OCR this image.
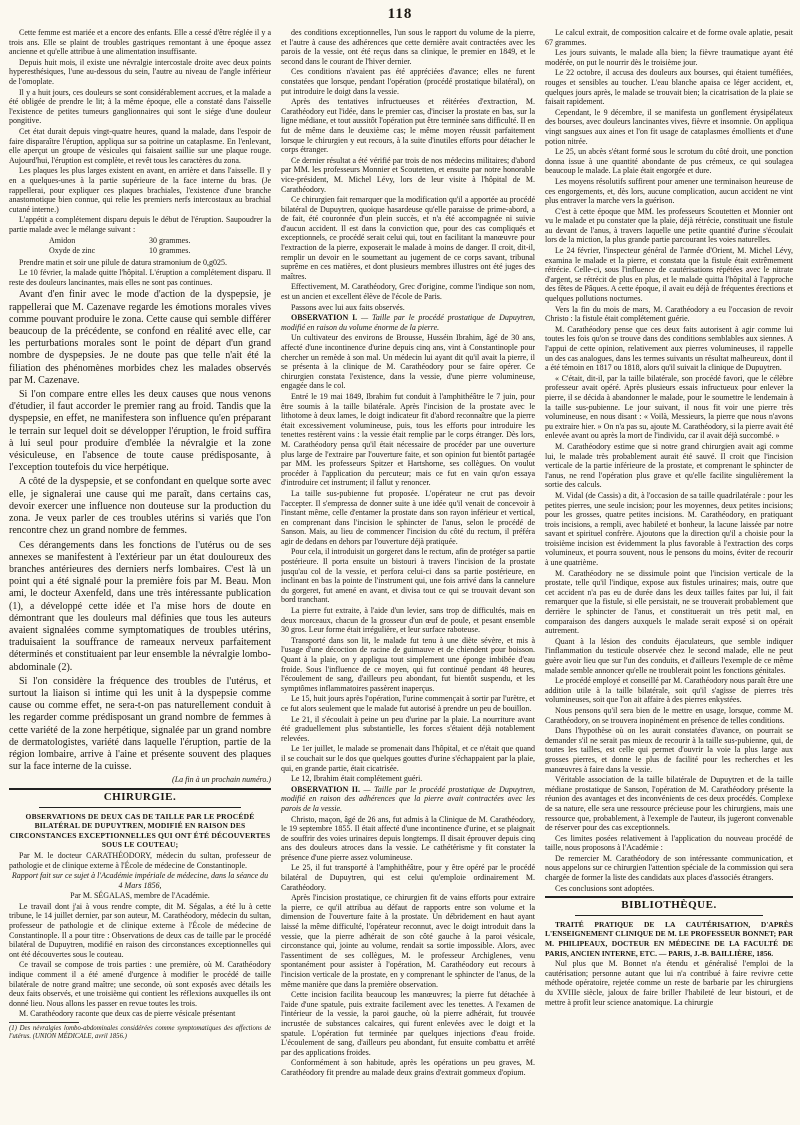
118

Cette femme est mariée et a encore des enfants. Elle a cessé d'être réglée il y a trois ans. Elle se plaint de troubles gastriques remontant à une époque assez ancienne et qu'elle attribue à une alimentation insuffisante.

Depuis huit mois, il existe une névralgie intercostale droite avec deux points hyperesthésiques, l'une au-dessous du sein, l'autre au niveau de l'angle inférieur de l'omoplate.

Il y a huit jours, ces douleurs se sont considérablement accrues, et la malade a été obligée de prendre le lit; à la même époque, elle a constaté dans l'aisselle l'existence de petites tumeurs ganglionnaires qui sont le siége d'une douleur pongitive.

Cet état durait depuis vingt-quatre heures, quand la malade, dans l'espoir de faire disparaître l'éruption, appliqua sur sa poitrine un cataplasme. En l'enlevant, elle aperçut un groupe de vésicules qui faisaient saillie sur une plaque rouge. Aujourd'hui, l'éruption est complète, et revêt tous les caractères du zona.

Les plaques les plus larges existent en avant, en arrière et dans l'aisselle. Il y en a quelques-unes à la partie supérieure de la face interne du bras. (Je rappellerai, pour expliquer ces plaques brachiales, l'existence d'une branche anastomotique bien connue, qui relie les premiers nerfs intercostaux au brachial cutané interne.)

L'appétit a complétement disparu depuis le début de l'éruption. Saupoudrer la partie malade avec le mélange suivant :

Amidon	30 grammes.
Oxyde de zinc	10 grammes.

Prendre matin et soir une pilule de datura stramonium de 0,g025.

Le 10 février, la malade quitte l'hôpital. L'éruption a complétement disparu. Il reste des douleurs lancinantes, mais elles ne sont pas continues.

Avant d'en finir avec le mode d'action de la dyspepsie, je rappellerai que M. Cazenave regarde les émotions morales vives comme pouvant produire le zona. Cette cause qui semble différer beaucoup de la précédente, se confond en réalité avec elle, car les perturbations morales sont le point de départ d'un grand nombre de dyspepsies. Je ne doute pas que telle n'ait été la filiation des phénomènes morbides chez les malades observés par M. Cazenave.

Si l'on compare entre elles les deux causes que nous venons d'étudier, il faut accorder le premier rang au froid. Tandis que la dyspepsie, en effet, ne manifestera son influence qu'en préparant le terrain sur lequel doit se développer l'éruption, le froid suffira à lui seul pour produire d'emblée la névralgie et la zone vésiculeuse, en l'absence de toute cause prédisposante, à l'exception toutefois du vice herpétique.

A côté de la dyspepsie, et se confondant en quelque sorte avec elle, je signalerai une cause qui me paraît, dans certains cas, devoir exercer une influence non douteuse sur la production du zona. Je veux parler de ces troubles utérins si variés que l'on rencontre chez un grand nombre de femmes.

Ces dérangements dans les fonctions de l'utérus ou de ses annexes se manifestent à l'extérieur par un état douloureux des branches antérieures des derniers nerfs lombaires. C'est là un point qui a été signalé pour la première fois par M. Beau. Mon ami, le docteur Axenfeld, dans une très intéressante publication (1), a développé cette idée et l'a mise hors de doute en démontrant que les douleurs mal définies que tous les auteurs avaient signalées comme symptomatiques de troubles utérins, traduisaient la souffrance de rameaux nerveux parfaitement déterminés et constituaient par leur ensemble la névralgie lombo-abdominale (2).

Si l'on considère la fréquence des troubles de l'utérus, et surtout la liaison si intime qui les unit à la dyspepsie comme cause ou comme effet, ne sera-t-on pas naturellement conduit à les regarder comme prédisposant un grand nombre de femmes à cette variété de la zone herpétique, signalée par un grand nombre de dermatologistes, variété dans laquelle l'éruption, partie de la région lombaire, arrive à l'aine et présente souvent des plaques sur la face interne de la cuisse.

(La fin à un prochain numéro.)
CHIRURGIE.

OBSERVATIONS DE DEUX CAS DE TAILLE PAR LE PROCÉDÉ BILATÉRAL DE DUPUYTREN, MODIFIÉ EN RAISON DES CIRCONSTANCES EXCEPTIONNELLES QUI ONT ÉTÉ DÉCOUVERTES SOUS LE COUTEAU;

Par M. le docteur CARATHÉODORY, médecin du sultan, professeur de pathologie et de clinique externe à l'École de médecine de Constantinople.

Rapport fait sur ce sujet à l'Académie impériale de médecine, dans la séance du 4 Mars 1856,

Par M. SÉGALAS, membre de l'Académie.

Le travail dont j'ai à vous rendre compte, dit M. Ségalas, a été lu à cette tribune, le 14 juillet dernier, par son auteur, M. Carathéodory, médecin du sultan, professeur de pathologie et de clinique externe à l'École de médecine de Constantinople. Il a pour titre : Observations de deux cas de taille par le procédé bilatéral de Dupuytren, modifié en raison des circonstances exceptionnelles qui ont été découvertes sous le couteau.

Ce travail se compose de trois parties : une première, où M. Carathéodory indique comment il a été amené d'urgence à modifier le procédé de taille bilatérale de notre grand maître; une seconde, où sont exposés avec détails les deux faits observés, et une troisième qui contient les réflexions auxquelles ils ont donné lieu. Nous allons les passer en revue toutes les trois.

M. Carathéodory raconte que deux cas de pierre vésicale présentant

(1) Des névralgies lombo-abdominales considérées comme symptomatiques des affections de l'utérus. (UNION MÉDICALE, avril 1856.)

des conditions exceptionnelles, l'un sous le rapport du volume de la pierre, et l'autre à cause des adhérences que cette dernière avait contractées avec les parois de la vessie, ont été reçus dans sa clinique, le premier en 1849, et le second dans le courant de l'hiver dernier.

Ces conditions n'avaient pas été appréciées d'avance; elles ne furent constatées que lorsque, pendant l'opération (procédé prostatique bilatéral), on put introduire le doigt dans la vessie.

Après des tentatives infructueuses et réitérées d'extraction, M. Carathéodory eut l'idée, dans le premier cas, d'inciser la prostate en bas, sur la ligne médiane, et tout aussitôt l'opération put être terminée sans difficulté. Il en fut de même dans le deuxième cas; le même moyen réussit parfaitement lorsque le chirurgien y eut recours, à la suite d'inutiles efforts pour détacher le corps étranger.

Ce dernier résultat a été vérifié par trois de nos médecins militaires; d'abord par MM. les professeurs Monnier et Scoutetten, et ensuite par notre honorable vice-président, M. Michel Lévy, lors de leur visite à l'hôpital de M. Carathéodory.

Ce chirurgien fait remarquer que la modification qu'il a apportée au procédé bilatéral de Dupuytren, quoique hasardeuse qu'elle paraisse de prime-abord, a de fait, été couronnée d'un plein succès, et n'a été accompagnée ni suivie d'aucun accident. Il est dans la conviction que, pour des cas compliqués et exceptionnels, ce procédé serait celui qui, tout en facilitant la manœuvre pour l'extraction de la pierre, exposerait le malade à moins de danger. Il croit, dit-il, remplir un devoir en le soumettant au jugement de ce corps savant, tribunal suprême en ces matières, et dont plusieurs membres illustres ont été juges des maîtres.

Effectivement, M. Carathéodory, Grec d'origine, comme l'indique son nom, est un ancien et excellent élève de l'école de Paris.

Passons avec lui aux faits observés.

OBSERVATION I. — Taille par le procédé prostatique de Dupuytren, modifié en raison du volume énorme de la pierre.

Un cultivateur des environs de Brousse, Husséin Ibrahim, âgé de 30 ans, affecté d'une incontinence d'urine depuis cinq ans, vint à Constantinople pour chercher un remède à son mal. Un médecin lui ayant dit qu'il avait la pierre, il se présenta à la clinique de M. Carathéodory pour se faire opérer. Ce chirurgien constata l'existence, dans la vessie, d'une pierre volumineuse, engagée dans le col.

Entré le 19 mai 1849, Ibrahim fut conduit à l'amphithéâtre le 7 juin, pour être soumis à la taille bilatérale. Après l'incision de la prostate avec le lithotome à deux lames, le doigt indicateur fit d'abord reconnaître que la pierre était excessivement volumineuse, puis, tous les efforts pour introduire les tenettes restèrent vains : la vessie était remplie par le corps étranger. Dès lors, M. Carathéodory pensa qu'il était nécessaire de procéder par une ouverture plus large de l'extraire par l'ouverture faite, et son opinion fut bientôt partagée par MM. les professeurs Spitzer et Hartshorne, ses collègues. On voulut procéder à l'application du percuteur; mais ce fut en vain qu'on essaya d'introduire cet instrument; il fallut y renoncer.

La taille sus-pubienne fut proposée. L'opérateur ne crut pas devoir l'accepter. Il s'empressa de donner suite à une idée qu'il venait de concevoir à l'instant même, celle d'entamer la prostate dans son rayon inférieur et vertical, en comprenant dans l'incision le sphincter de l'anus, selon le procédé de Sanson. Mais, au lieu de commencer l'incision du côté du rectum, il préféra agir de dedans en dehors par l'ouverture déjà pratiquée.

Pour cela, il introduisit un gorgeret dans le rectum, afin de protéger sa partie postérieure. Il porta ensuite un bistouri à travers l'incision de la prostate jusqu'au col de la vessie, et perfora celui-ci dans sa partie postérieure, en inclinant en bas la pointe de l'instrument qui, une fois arrivé dans la cannelure du gorgeret, fut amené en avant, et divisa tout ce qui se trouvait devant son bord tranchant.

La pierre fut extraite, à l'aide d'un levier, sans trop de difficultés, mais en deux morceaux, chacun de la grosseur d'un œuf de poule, et pesant ensemble 30 gros. Leur forme était irrégulière, et leur surface raboteuse.

Transporté dans son lit, le malade fut tenu à une diète sévère, et mis à l'usage d'une décoction de racine de guimauve et de chiendent pour boisson. Quant à la plaie, on y appliqua tout simplement une éponge imbibée d'eau froide. Sous l'influence de ce moyen, qui fut continué pendant 48 heures, l'écoulement de sang, d'ailleurs peu abondant, fut bientôt suspendu, et les symptômes inflammatoires passèrent inaperçus.

Le 15, huit jours après l'opération, l'urine commençait à sortir par l'urètre, et ce fut alors seulement que le malade fut autorisé à prendre un peu de bouillon.

Le 21, il s'écoulait à peine un peu d'urine par la plaie. La nourriture avant été graduellement plus substantielle, les forces s'étaient déjà notablement relevées.

Le 1er juillet, le malade se promenait dans l'hôpital, et ce n'était que quand il se couchait sur le dos que quelques gouttes d'urine s'échappaient par la plaie, qui, en grande partie, était cicatrisée.

Le 12, Ibrahim était complétement guéri.

OBSERVATION II. — Taille par le procédé prostatique de Dupuytren, modifié en raison des adhérences que la pierre avait contractées avec les parois de la vessie.

Christo, maçon, âgé de 26 ans, fut admis à la Clinique de M. Carathéodory, le 19 septembre 1855. Il était affecté d'une incontinence d'urine, et se plaignait de souffrir des voies urinaires depuis longtemps. Il disait éprouver depuis cinq ans des douleurs atroces dans la vessie. Le cathétérisme y fit constater la présence d'une pierre assez volumineuse.

Le 25, il fut transporté à l'amphithéâtre, pour y être opéré par le procédé bilatéral de Dupuytren, qui est celui qu'emploie ordinairement M. Carathéodory.

Après l'incision prostatique, ce chirurgien fit de vains efforts pour extraire la pierre, ce qu'il attribua au défaut de rapports entre son volume et la dimension de l'ouverture faite à la prostate. Un débridement en haut ayant laissé la même difficulté, l'opérateur reconnut, avec le doigt introduit dans la vessie, que la pierre adhérait de son côté gauche à la paroi vésicale, circonstance qui, jointe au volume, rendait sa sortie impossible. Alors, avec l'assentiment de ses collègues, M. le professeur Archiglenes, venu spontanément pour assister à l'opération, M. Carathéodory eut recours à l'incision verticale de la prostate, en y comprenant le sphincter de l'anus, de la même manière que dans la première observation.

Cette incision facilita beaucoup les manœuvres; la pierre fut détachée à l'aide d'une spatule, puis extraite facilement avec les tenettes. A l'examen de l'intérieur de la vessie, la paroi gauche, où la pierre adhérait, fut trouvée incrustée de substances calcaires, qui furent enlevées avec le doigt et la spatule. L'opération fut terminée par quelques injections d'eau froide. L'écoulement de sang, d'ailleurs peu abondant, fut ensuite combattu et arrêté par des applications froides.

Conformément à son habitude, après les opérations un peu graves, M. Carathéodory fit prendre au malade deux grains d'extrait gommeux d'opium.

Le calcul extrait, de composition calcaire et de forme ovale aplatie, pesait 67 grammes.

Les jours suivants, le malade alla bien; la fièvre traumatique ayant été modérée, on put le nourrir dès le troisième jour.

Le 22 octobre, il accusa des douleurs aux bourses, qui étaient tuméfiées, rouges et sensibles au toucher. L'eau blanche apaisa ce léger accident, et, quelques jours après, le malade se trouvait bien; la cicatrisation de la plaie se faisait rapidement.

Cependant, le 9 décembre, il se manifesta un gonflement érysipélateux des bourses, avec douleurs lancinantes vives, fièvre et insomnie. On appliqua vingt sangsues aux aines et l'on fit usage de cataplasmes émollients et d'une potion nitrée.

Le 25, un abcès s'étant formé sous le scrotum du côté droit, une ponction donna issue à une quantité abondante de pus crémeux, ce qui soulagea beaucoup le malade. La plaie était engorgée et dure.

Les moyens résolutifs suffirent pour amener une terminaison heureuse de ces engorgements, et, dès lors, aucune complication, aucun accident ne vint plus entraver la marche vers la guérison.

C'est à cette époque que MM. les professeurs Scoutetten et Monnier ont vu le malade et pu constater que la plaie, déjà rétrécie, constituait une fistule au devant de l'anus, à travers laquelle une petite quantité d'urine s'écoulait lors de la miction, la plus grande partie parcourant les voies naturelles.

Le 24 février, l'inspecteur général de l'armée d'Orient, M. Michel Lévy, examina le malade et la pierre, et constata que la fistule était extrêmement rétrécie. Celle-ci, sous l'influence de cautérisations répétées avec le nitrate d'argent, se rétrécit de plus en plus, et le malade quitta l'hôpital à l'approche des fêtes de Pâques. A cette époque, il avait eu déjà de fréquentes érections et quelques pollutions nocturnes.

Vers la fin du mois de mars, M. Carathéodory a eu l'occasion de revoir Christo : la fistule était complétement guérie.

M. Carathéodory pense que ces deux faits autorisent à agir comme lui toutes les fois qu'on se trouve dans des conditions semblables aux siennes. A l'appui de cette opinion, relativement aux pierres volumineuses, il rappelle un des cas analogues, dans les termes suivants un résultat malheureux, dont il a été témoin en 1817 ou 1818, alors qu'il suivait la clinique de Dupuytren.

« C'était, dit-il, par la taille bilatérale, son procédé favori, que le célèbre professeur avait opéré. Après plusieurs essais infructueux pour enlever la pierre, il se décida à abandonner le malade, pour le soumettre le lendemain à la taille sus-pubienne. Le jour suivant, il nous fit voir une pierre très volumineuse, en nous disant : « Voilà, Messieurs, la pierre que nous n'avons pu extraire hier. » On n'a pas su, ajoute M. Carathéodory, si la pierre avait été enlevée avant ou après la mort de l'individu, car il avait déjà succombé. »

M. Carathéodory estime que si notre grand chirurgien avait agi comme lui, le malade très probablement aurait été sauvé. Il croit que l'incision verticale de la partie inférieure de la prostate, et comprenant le sphincter de l'anus, ne rend l'opération plus grave et qu'elle facilite singulièrement la sortie des calculs.

M. Vidal (de Cassis) a dit, à l'occasion de sa taille quadrilatérale : pour les petites pierres, une seule incision; pour les moyennes, deux petites incisions; pour les grosses, quatre petites incisions. M. Carathéodory, en pratiquant trois incisions, a rempli, avec habileté et bonheur, la lacune laissée par notre savant et spirituel confrère. Ajoutons que la direction qu'il a choisie pour la troisième incision est évidemment la plus favorable à l'extraction des corps volumineux, et pourra souvent, nous le pensons du moins, éviter de recourir à une quatrième.

M. Carathéodory ne se dissimule point que l'incision verticale de la prostate, telle qu'il l'indique, expose aux fistules urinaires; mais, outre que cet accident n'a pas eu de durée dans les deux tailles faites par lui, il fait remarquer que la fistule, si elle persistait, ne se trouverait probablement que derrière le sphincter de l'anus, et constituerait un très petit mal, en comparaison des dangers auxquels le malade serait exposé si on opérait autrement.

Quant à la lésion des conduits éjaculateurs, que semble indiquer l'inflammation du testicule observée chez le second malade, elle ne peut guère avoir lieu que sur l'un des conduits, et d'ailleurs l'exemple de ce même malade semble annoncer qu'elle ne troublerait point les fonctions génitales.

Le procédé employé et conseillé par M. Carathéodory nous paraît être une addition utile à la taille bilatérale, soit qu'il s'agisse de pierres très volumineuses, soit que l'on ait affaire à des pierres enkystées.

Nous pensons qu'il sera bien de le mettre en usage, lorsque, comme M. Carathéodory, on se trouvera inopinément en présence de telles conditions.

Dans l'hypothèse où on les aurait constatées d'avance, on pourrait se demander s'il ne serait pas mieux de recourir à la taille sus-pubienne, qui, de toutes les tailles, est celle qui permet d'ouvrir la voie la plus large aux grosses pierres, et donne le plus de facilité pour les recherches et les manœuvres à faire dans la vessie.

Véritable association de la taille bilatérale de Dupuytren et de la taille médiane prostatique de Sanson, l'opération de M. Carathéodory présente la réunion des avantages et des inconvénients de ces deux procédés. Complexe de sa nature, elle sera une ressource précieuse pour les chirurgiens, mais une ressource que, probablement, à l'exemple de l'auteur, ils jugeront convenable de réserver pour des cas exceptionnels.

Ces limites posées relativement à l'application du nouveau procédé de taille, nous proposons à l'Académie :

De remercier M. Carathéodory de son intéressante communication, et nous appelons sur ce chirurgien l'attention spéciale de la commission qui sera chargée de former la liste des candidats aux places d'associés étrangers.

Ces conclusions sont adoptées.

BIBLIOTHÈQUE.

TRAITÉ PRATIQUE DE LA CAUTÉRISATION, D'APRÈS L'ENSEIGNEMENT CLINIQUE DE M. LE PROFESSEUR BONNET; PAR M. PHILIPEAUX, DOCTEUR EN MÉDECINE DE LA FACULTÉ DE PARIS, ANCIEN INTERNE, ETC. — PARIS, J.-B. BAILLIÈRE, 1856.

Nul plus que M. Bonnet n'a étendu et généralisé l'emploi de la cautérisation; personne autant que lui n'a contribué à faire revivre cette méthode opératoire, rejetée comme un reste de barbarie par les chirurgiens du XVIIIe siècle, jaloux de faire briller l'habileté de leur bistouri, et de mettre à profit leur science anatomique. La chirurgie
